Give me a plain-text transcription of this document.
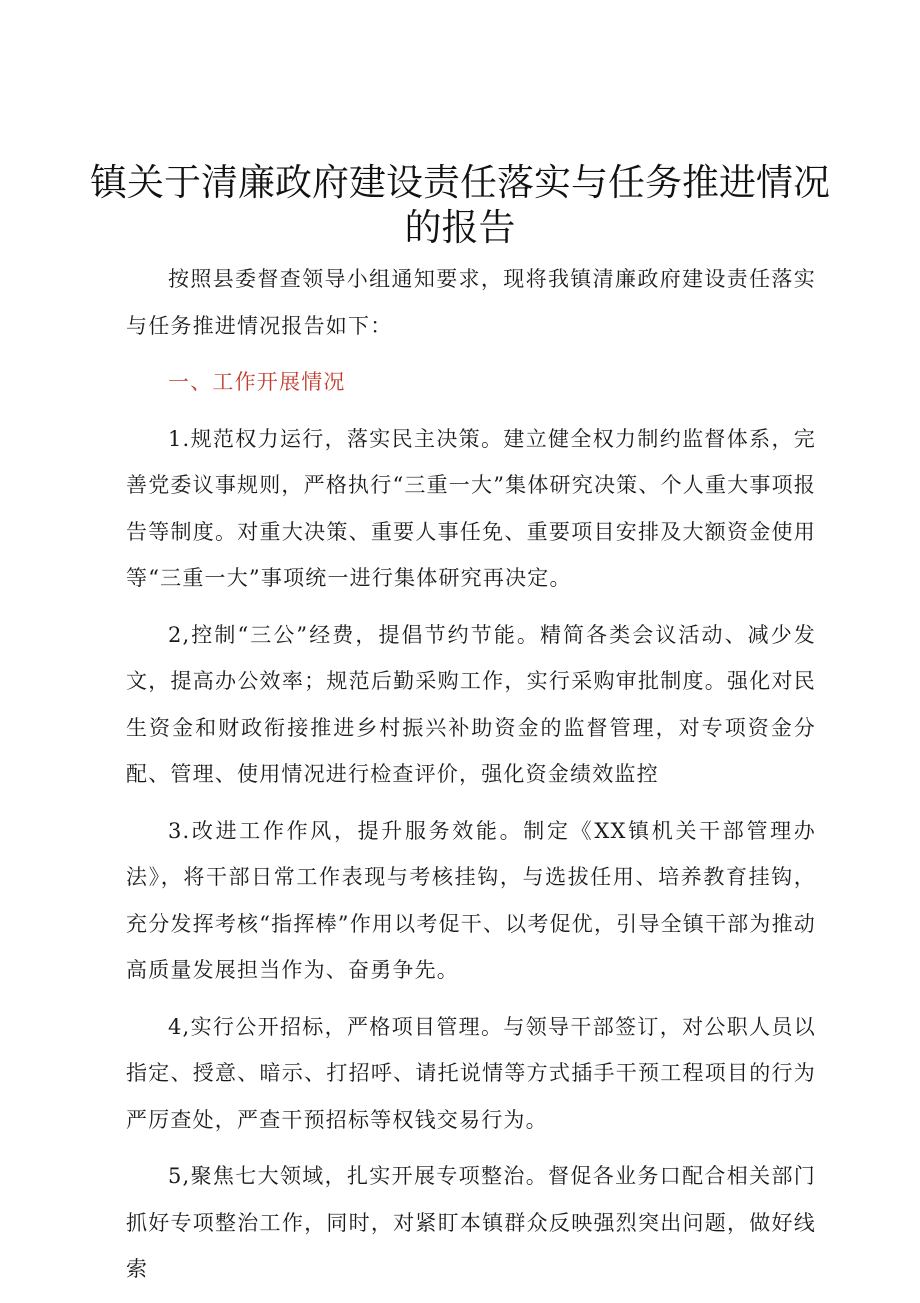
镇关于清廉政府建设责任落实与任务推进情况
的报告

按照县委督查领导小组通知要求，现将我镇清廉政府建设责任落实与任务推进情况报告如下：

一、工作开展情况

1.规范权力运行，落实民主决策。建立健全权力制约监督体系，完善党委议事规则，严格执行“三重一大”集体研究决策、个人重大事项报告等制度。对重大决策、重要人事任免、重要项目安排及大额资金使用等“三重一大”事项统一进行集体研究再决定。

2,控制“三公”经费，提倡节约节能。精简各类会议活动、减少发文，提高办公效率；规范后勤采购工作，实行采购审批制度。强化对民生资金和财政衔接推进乡村振兴补助资金的监督管理，对专项资金分配、管理、使用情况进行检查评价，强化资金绩效监控

3.改进工作作风，提升服务效能。制定《XX镇机关干部管理办法》，将干部日常工作表现与考核挂钩，与选拔任用、培养教育挂钩，充分发挥考核“指挥棒”作用以考促干、以考促优，引导全镇干部为推动高质量发展担当作为、奋勇争先。

4,实行公开招标，严格项目管理。与领导干部签订，对公职人员以指定、授意、暗示、打招呼、请托说情等方式插手干预工程项目的行为严厉查处，严查干预招标等权钱交易行为。

5,聚焦七大领域，扎实开展专项整治。督促各业务口配合相关部门抓好专项整治工作，同时，对紧盯本镇群众反映强烈突出问题，做好线索
